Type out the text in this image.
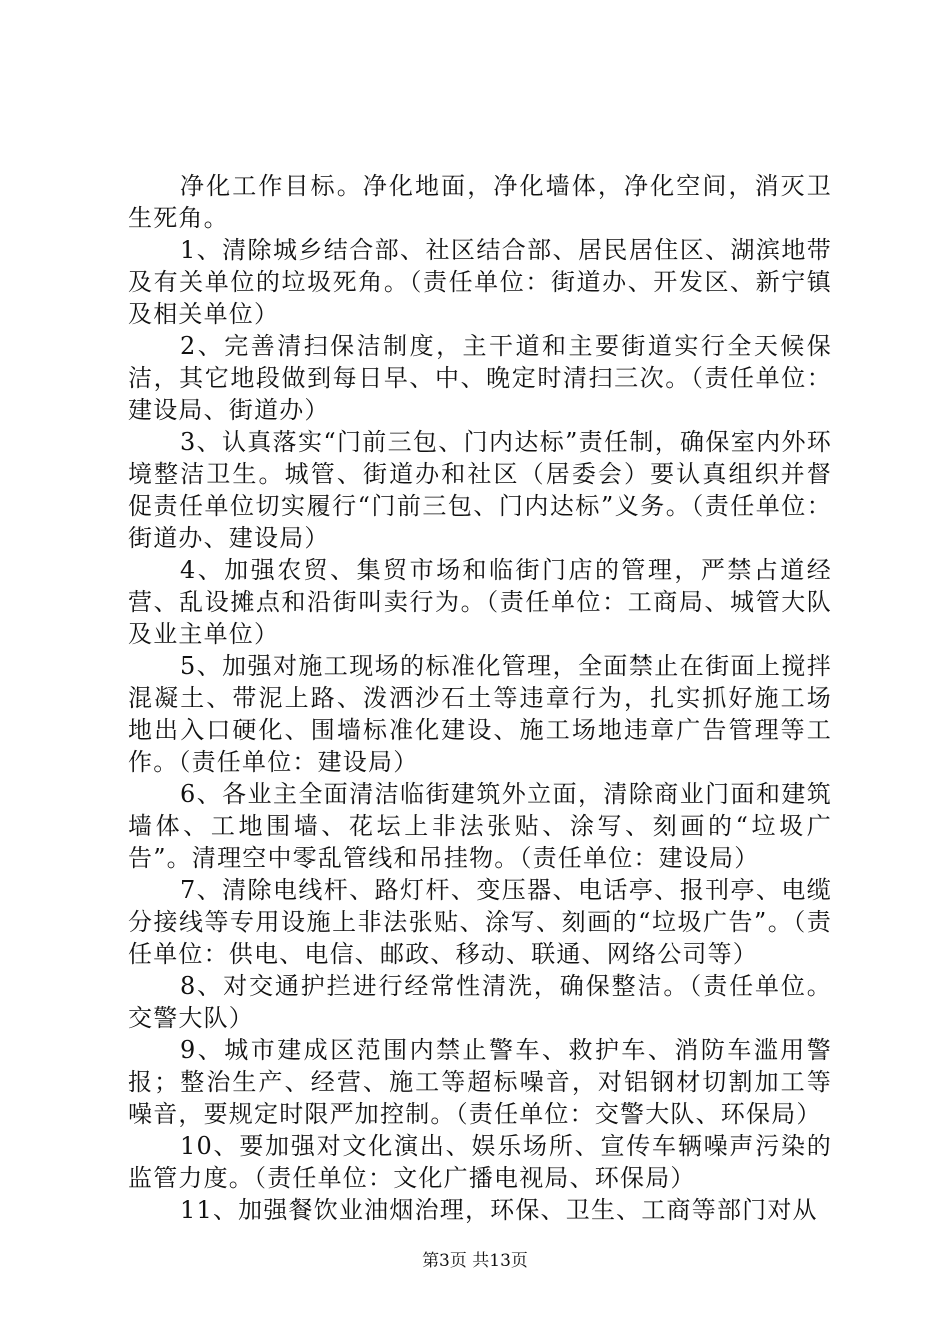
净化工作目标。净化地面，净化墙体，净化空间，消灭卫生死角。

1、清除城乡结合部、社区结合部、居民居住区、湖滨地带及有关单位的垃圾死角。（责任单位：街道办、开发区、新宁镇及相关单位）

2、完善清扫保洁制度，主干道和主要街道实行全天候保洁，其它地段做到每日早、中、晚定时清扫三次。（责任单位：建设局、街道办）

3、认真落实“门前三包、门内达标”责任制，确保室内外环境整洁卫生。城管、街道办和社区（居委会）要认真组织并督促责任单位切实履行“门前三包、门内达标”义务。（责任单位：街道办、建设局）

4、加强农贸、集贸市场和临街门店的管理，严禁占道经营、乱设摊点和沿街叫卖行为。（责任单位：工商局、城管大队及业主单位）

5、加强对施工现场的标准化管理，全面禁止在街面上搅拌混凝土、带泥上路、泼洒沙石土等违章行为，扎实抓好施工场地出入口硬化、围墙标准化建设、施工场地违章广告管理等工作。（责任单位：建设局）

6、各业主全面清洁临街建筑外立面，清除商业门面和建筑墙体、工地围墙、花坛上非法张贴、涂写、刻画的“垃圾广告”。清理空中零乱管线和吊挂物。（责任单位：建设局）

7、清除电线杆、路灯杆、变压器、电话亭、报刊亭、电缆分接线等专用设施上非法张贴、涂写、刻画的“垃圾广告”。（责任单位：供电、电信、邮政、移动、联通、网络公司等）

8、对交通护拦进行经常性清洗，确保整洁。（责任单位。交警大队）

9、城市建成区范围内禁止警车、救护车、消防车滥用警报；整治生产、经营、施工等超标噪音，对铝钢材切割加工等噪音，要规定时限严加控制。（责任单位：交警大队、环保局）

10、要加强对文化演出、娱乐场所、宣传车辆噪声污染的监管力度。（责任单位：文化广播电视局、环保局）

11、加强餐饮业油烟治理，环保、卫生、工商等部门对从

第3页 共13页
